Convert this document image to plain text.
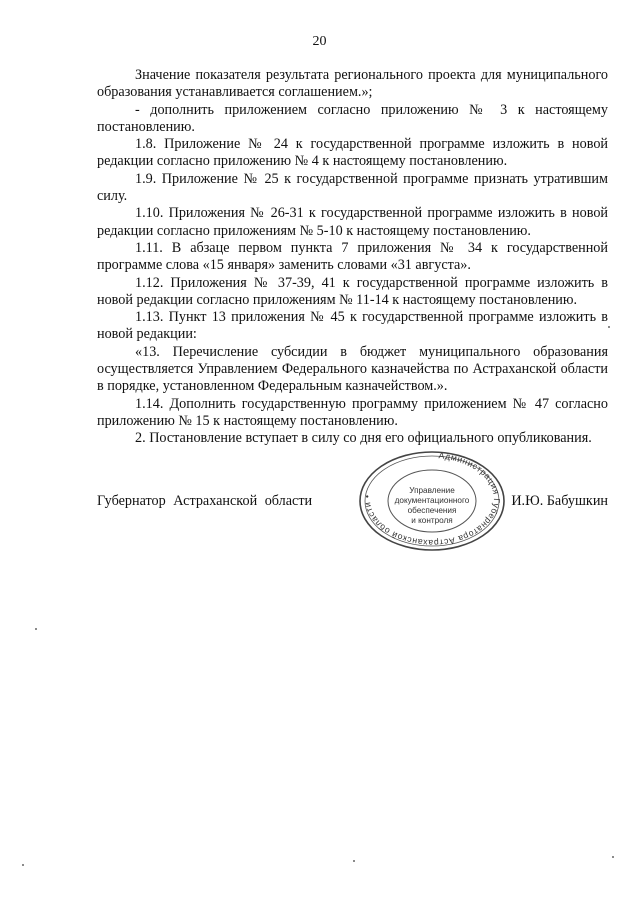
20

Значение показателя результата регионального проекта для муниципального образования устанавливается соглашением.»;

- дополнить приложением согласно приложению № 3 к настоящему постановлению.

1.8. Приложение № 24 к государственной программе изложить в новой редакции согласно приложению № 4 к настоящему постановлению.

1.9. Приложение № 25 к государственной программе признать утратившим силу.

1.10. Приложения № 26-31 к государственной программе изложить в новой редакции согласно приложениям № 5-10 к настоящему постановлению.

1.11. В абзаце первом пункта 7 приложения № 34 к государственной программе слова «15 января» заменить словами «31 августа».

1.12. Приложения № 37-39, 41 к государственной программе изложить в новой редакции согласно приложениям № 11-14 к настоящему постановлению.

1.13. Пункт 13 приложения № 45 к государственной программе изложить в новой редакции:

«13. Перечисление субсидии в бюджет муниципального образования осуществляется Управлением Федерального казначейства по Астраханской области в порядке, установленном Федеральным казначейством.».

1.14. Дополнить государственную программу приложением № 47 согласно приложению № 15 к настоящему постановлению.

2. Постановление вступает в силу со дня его официального опубликования.

Губернатор Астраханской области
Администрация Губернатора Астраханской области •
Управление
документационного
обеспечения
и контроля
И.Ю. Бабушкин
